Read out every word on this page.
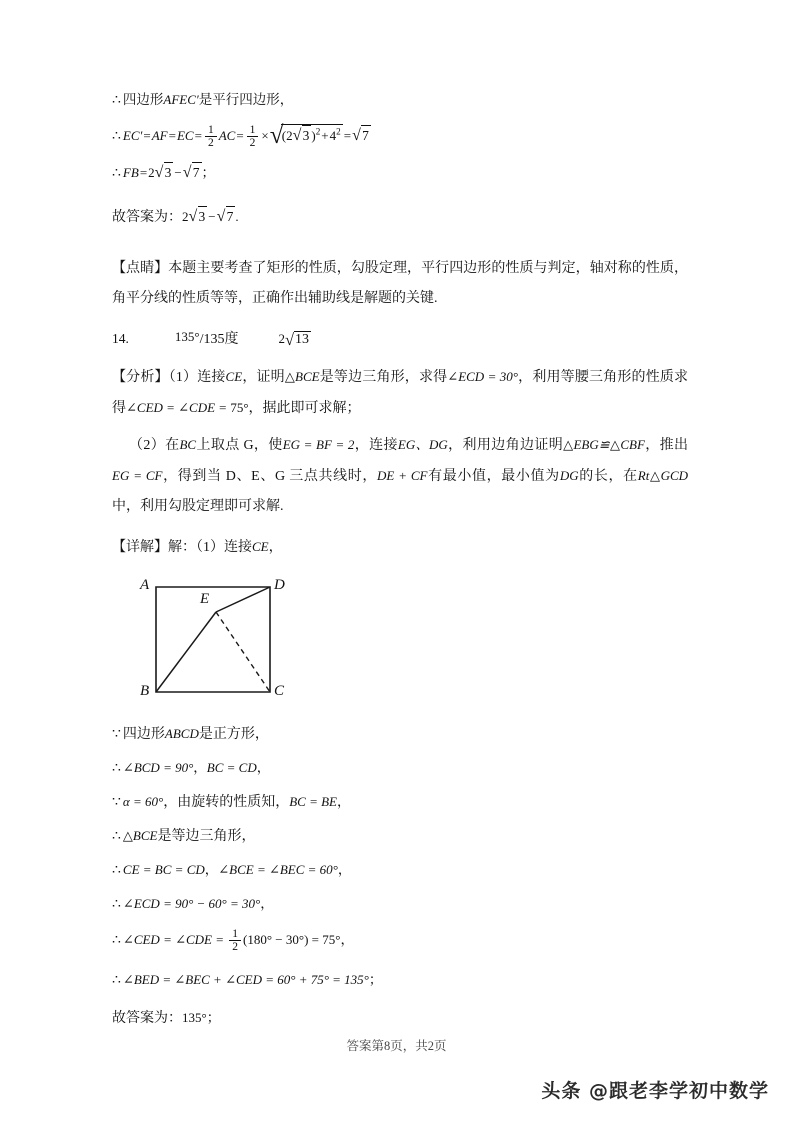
∴ 四边形AFEC′是平行四边形，

∴ $EC'=AF=EC= \frac{1}{2} AC= \frac{1}{2}$ × √ (2 √ 3 )$^2+4^2$ = √ 7

∴ FB=2 √ 3 − √ 7 ；

故答案为：2 √ 3 − √ 7 .

【点睛】本题主要考查了矩形的性质，勾股定理，平行四边形的性质与判定，轴对称的性质，角平分线的性质等等，正确作出辅助线是解题的关键.

14.	135°/135度	2 √ 13

【分析】（1）连接CE，证明△BCE是等边三角形，求得∠ECD = 30°，利用等腰三角形的性质求得∠CED = ∠CDE = 75°，据此即可求解；

（2）在BC上取点 G，使EG = BF = 2，连接EG、DG，利用边角边证明△EBG≌△CBF，推出EG = CF，得到当 D、E、G 三点共线时，DE + CF有最小值，最小值为DG的长，在Rt△GCD中，利用勾股定理即可求解.

【详解】解：（1）连接CE，

A	D
B	C
E

∵ 四边形ABCD是正方形，

∴ ∠BCD = 90°，BC = CD，

∵ α = 60°，由旋转的性质知，BC = BE，

∴ △BCE是等边三角形，

∴ CE = BC = CD，∠BCE = ∠BEC = 60°，

∴ ∠ECD = 90° − 60° = 30°，

∴ ∠CED = ∠CDE = $\frac{1}{2} (180^\circ - 30^\circ) = 75^\circ$，

∴ ∠BED = ∠BEC + ∠CED = 60° + 75° = 135°；

故答案为：135°；

答案第8页，共2页
头条 @跟老李学初中数学
